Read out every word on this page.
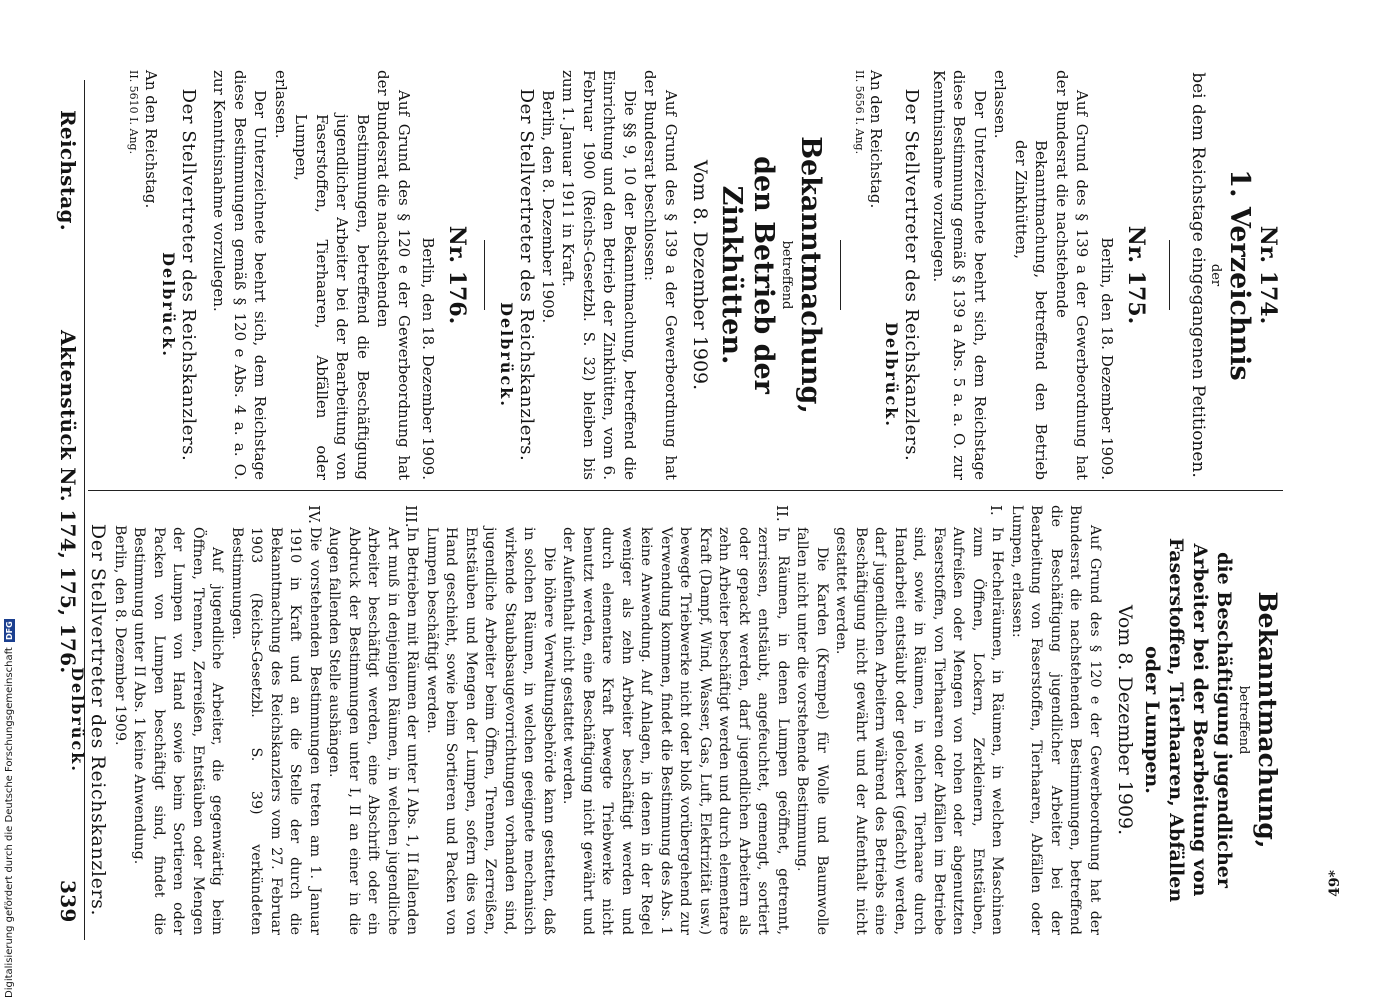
Reichstag.
Aktenstück Nr. 174, 175, 176.
339
Nr. 174.
1. Verzeichnis
der
bei dem Reichstage eingegangenen Petitionen.
Nr. 175.

Berlin, den 18. Dezember 1909.

Auf Grund des § 139 a der Gewerbeordnung hat der Bundesrat die nachstehende

Bekanntmachung, betreffend den Betrieb der Zinkhütten,

erlassen.

Der Unterzeichnete beehrt sich, dem Reichstage diese Bestimmung gemäß § 139 a Abs. 5 a. a. O. zur Kenntnisnahme vorzulegen.

Der Stellvertreter des Reichskanzlers.
Delbrück.

An den Reichstag.

II. 5656 I. Ang.
Bekanntmachung,
betreffend
den Betrieb der Zinkhütten.
Vom 8. Dezember 1909.

Auf Grund des § 139 a der Gewerbeordnung hat der Bundesrat beschlossen:

Die §§ 9, 10 der Bekanntmachung, betreffend die Einrichtung und den Betrieb der Zinkhütten, vom 6. Februar 1900 (Reichs-Gesetzbl. S. 32) bleiben bis zum 1. Januar 1911 in Kraft.

Berlin, den 8. Dezember 1909.

Der Stellvertreter des Reichskanzlers.
Delbrück.
Nr. 176.

Berlin, den 18. Dezember 1909.

Auf Grund des § 120 e der Gewerbeordnung hat der Bundesrat die nachstehenden

Bestimmungen, betreffend die Beschäftigung jugendlicher Arbeiter bei der Bearbeitung von Faserstoffen, Tierhaaren, Abfällen oder Lumpen,

erlassen.

Der Unterzeichnete beehrt sich, dem Reichstage diese Bestimmungen gemäß § 120 e Abs. 4 a. a. O. zur Kenntnisnahme vorzulegen.

Der Stellvertreter des Reichskanzlers.
Delbrück.

An den Reichstag.

II. 5610 I. Ang.
Bekanntmachung,
betreffend
die Beschäftigung jugendlicher Arbeiter bei der Bearbeitung von Faserstoffen, Tierhaaren, Abfällen oder Lumpen.
Vom 8. Dezember 1909.

Auf Grund des § 120 e der Gewerbeordnung hat der Bundesrat die nachstehenden Bestimmungen, betreffend die Beschäftigung jugendlicher Arbeiter bei der Bearbeitung von Faserstoffen, Tierhaaren, Abfällen oder Lumpen, erlassen:

I.

In Hechelräumen, in Räumen, in welchen Maschinen zum Öffnen, Lockern, Zerkleinern, Entstäuben, Aufreißen oder Mengen von rohen oder abgenutzten Faserstoffen, von Tierhaaren oder Abfällen im Betriebe sind, sowie in Räumen, in welchen Tierhaare durch Handarbeit entstäubt oder gelockert (gefacht) werden, darf jugendlichen Arbeitern während des Betriebs eine Beschäftigung nicht gewährt und der Aufenthalt nicht gestattet werden.

Die Karden (Krempel) für Wolle und Baumwolle fallen nicht unter die vorstehende Bestimmung.

II.

In Räumen, in denen Lumpen geöffnet, getrennt, zerrissen, entstäubt, angefeuchtet, gemengt, sortiert oder gepackt werden, darf jugendlichen Arbeitern als zehn Arbeiter beschäftigt werden und durch elementare Kraft (Dampf, Wind, Wasser, Gas, Luft, Elektrizität usw.) bewegte Triebwerke nicht oder bloß vorübergehend zur Verwendung kommen, findet die Bestimmung des Abs. 1 keine Anwendung. Auf Anlagen, in denen in der Regel weniger als zehn Arbeiter beschäftigt werden und durch elementare Kraft bewegte Triebwerke nicht benutzt werden, eine Beschäftigung nicht gewährt und der Aufenthalt nicht gestattet werden.

Die höhere Verwaltungsbehörde kann gestatten, daß in solchen Räumen, in welchen geeignete mechanisch wirkende Staubabsaugevorrichtungen vorhanden sind, jugendliche Arbeiter beim Öffnen, Trennen, Zerreißen, Entstäuben und Mengen der Lumpen, sofern dies von Hand geschieht, sowie beim Sortieren und Packen von Lumpen beschäftigt werden.

III.

In Betrieben mit Räumen der unter I Abs. 1, II fallenden Art muß in denjenigen Räumen, in welchen jugendliche Arbeiter beschäftigt werden, eine Abschrift oder ein Abdruck der Bestimmungen unter I, II an einer in die Augen fallenden Stelle aushängen.

IV.

Die vorstehenden Bestimmungen treten am 1. Januar 1910 in Kraft und an die Stelle der durch die Bekanntmachung des Reichskanzlers vom 27. Februar 1903 (Reichs-Gesetzbl. S. 39) verkündeten Bestimmungen.

Auf jugendliche Arbeiter, die gegenwärtig beim Öffnen, Trennen, Zerreißen, Entstäuben oder Mengen der Lumpen von Hand sowie beim Sortieren oder Packen von Lumpen beschäftigt sind, findet die Bestimmung unter II Abs. 1 keine Anwendung.

Berlin, den 8. Dezember 1909.

Der Stellvertreter des Reichskanzlers.
Delbrück.
49*
Digitalisierung gefördert durch die Deutsche Forschungsgemeinschaft DFG
